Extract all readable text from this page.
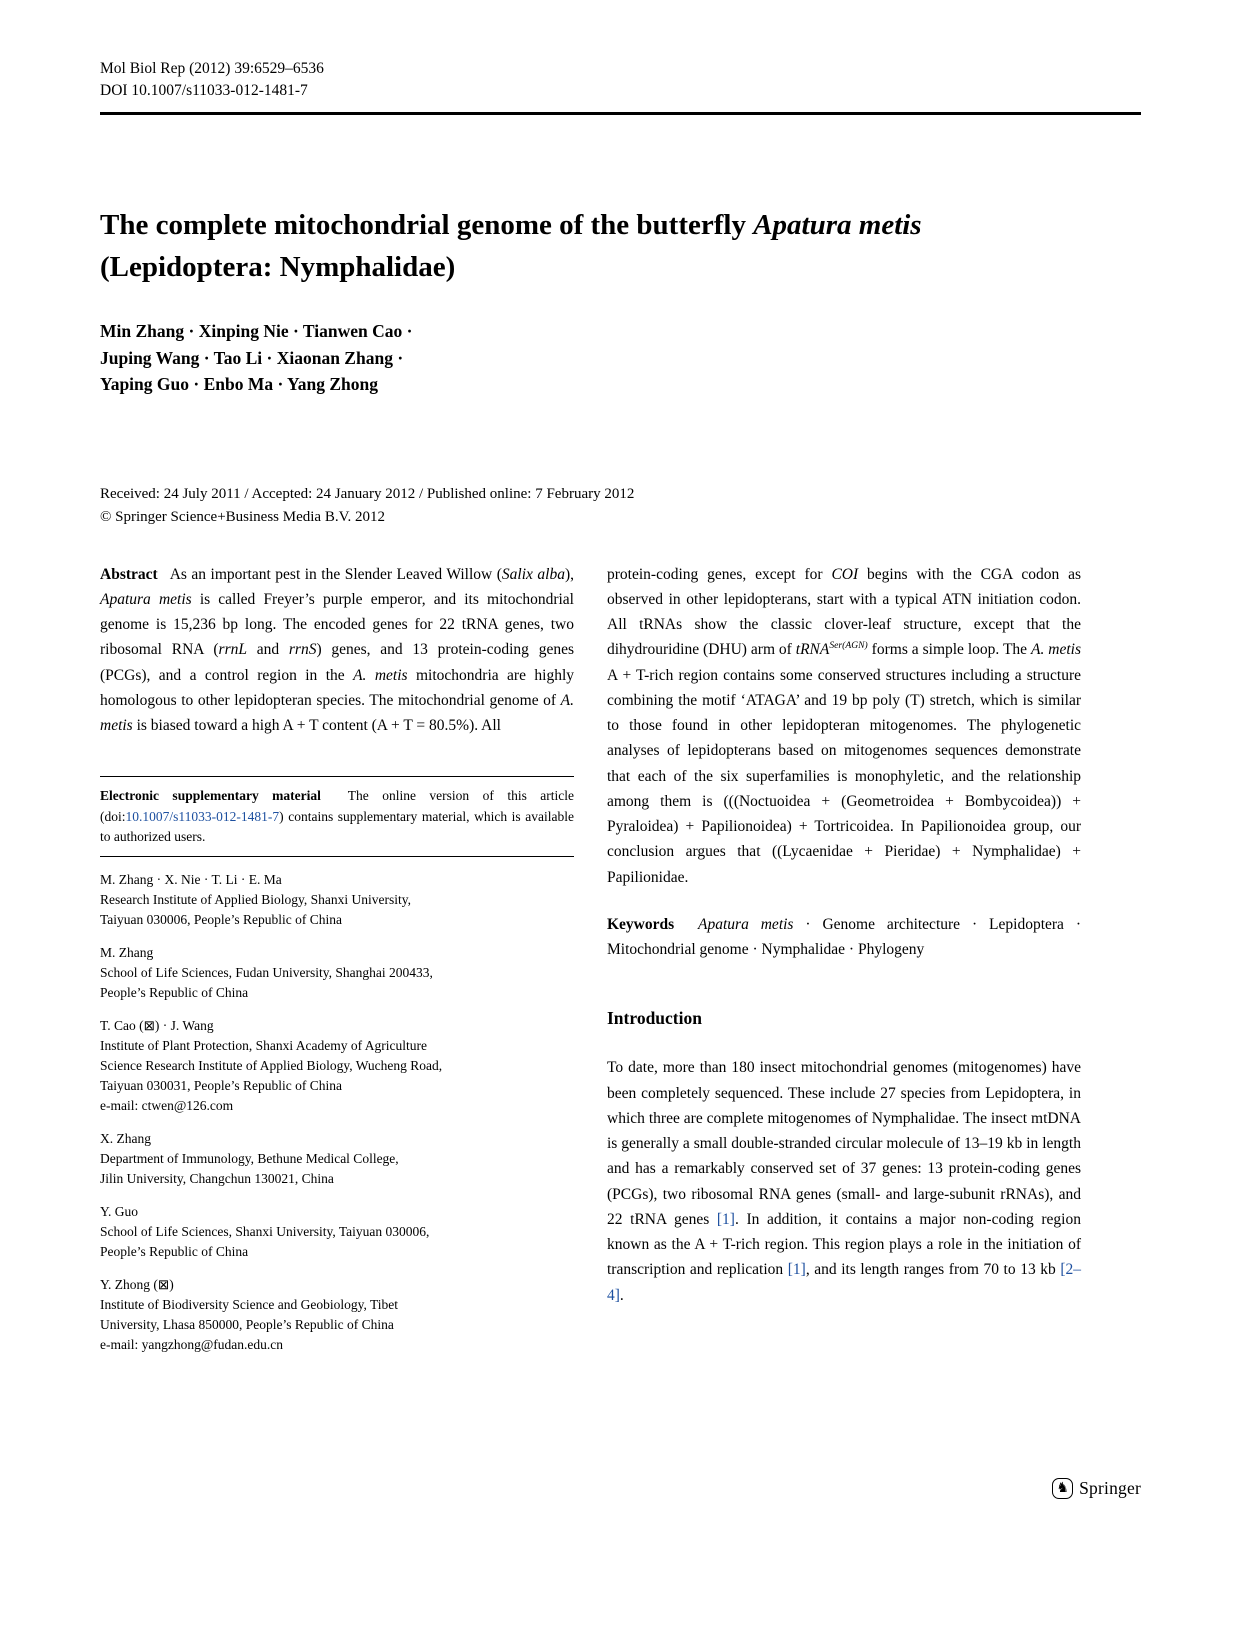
Mol Biol Rep (2012) 39:6529–6536
DOI 10.1007/s11033-012-1481-7
The complete mitochondrial genome of the butterfly Apatura metis
(Lepidoptera: Nymphalidae)
Min Zhang · Xinping Nie · Tianwen Cao ·
Juping Wang · Tao Li · Xiaonan Zhang ·
Yaping Guo · Enbo Ma · Yang Zhong
Received: 24 July 2011 / Accepted: 24 January 2012 / Published online: 7 February 2012
© Springer Science+Business Media B.V. 2012

Abstract As an important pest in the Slender Leaved Willow (Salix alba), Apatura metis is called Freyer’s purple emperor, and its mitochondrial genome is 15,236 bp long. The encoded genes for 22 tRNA genes, two ribosomal RNA (rrnL and rrnS) genes, and 13 protein-coding genes (PCGs), and a control region in the A. metis mitochondria are highly homologous to other lepidopteran species. The mitochondrial genome of A. metis is biased toward a high A + T content (A + T = 80.5%). All

Electronic supplementary material  The online version of this article (doi:10.1007/s11033-012-1481-7) contains supplementary material, which is available to authorized users.
M. Zhang · X. Nie · T. Li · E. Ma
Research Institute of Applied Biology, Shanxi University,
Taiyuan 030006, People’s Republic of China
M. Zhang
School of Life Sciences, Fudan University, Shanghai 200433,
People’s Republic of China
T. Cao (⊠) · J. Wang
Institute of Plant Protection, Shanxi Academy of Agriculture
Science Research Institute of Applied Biology, Wucheng Road,
Taiyuan 030031, People’s Republic of China
e-mail: ctwen@126.com
X. Zhang
Department of Immunology, Bethune Medical College,
Jilin University, Changchun 130021, China
Y. Guo
School of Life Sciences, Shanxi University, Taiyuan 030006,
People’s Republic of China
Y. Zhong (⊠)
Institute of Biodiversity Science and Geobiology, Tibet
University, Lhasa 850000, People’s Republic of China
e-mail: yangzhong@fudan.edu.cn

protein-coding genes, except for COI begins with the CGA codon as observed in other lepidopterans, start with a typical ATN initiation codon. All tRNAs show the classic clover-leaf structure, except that the dihydrouridine (DHU) arm of tRNA$^{Ser(AGN)}$ forms a simple loop. The A. metis A + T-rich region contains some conserved structures including a structure combining the motif ‘ATAGA’ and 19 bp poly (T) stretch, which is similar to those found in other lepidopteran mitogenomes. The phylogenetic analyses of lepidopterans based on mitogenomes sequences demonstrate that each of the six superfamilies is monophyletic, and the relationship among them is (((Noctuoidea + (Geometroidea + Bombycoidea)) + Pyraloidea) + Papilionoidea) + Tortricoidea. In Papilionoidea group, our conclusion argues that ((Lycaenidae + Pieridae) + Nymphalidae) + Papilionidae.

Keywords Apatura metis · Genome architecture · Lepidoptera · Mitochondrial genome · Nymphalidae · Phylogeny

Introduction

To date, more than 180 insect mitochondrial genomes (mitogenomes) have been completely sequenced. These include 27 species from Lepidoptera, in which three are complete mitogenomes of Nymphalidae. The insect mtDNA is generally a small double-stranded circular molecule of 13–19 kb in length and has a remarkably conserved set of 37 genes: 13 protein-coding genes (PCGs), two ribosomal RNA genes (small- and large-subunit rRNAs), and 22 tRNA genes [1]. In addition, it contains a major non-coding region known as the A + T-rich region. This region plays a role in the initiation of transcription and replication [1], and its length ranges from 70 to 13 kb [2–4].

♞ Springer
